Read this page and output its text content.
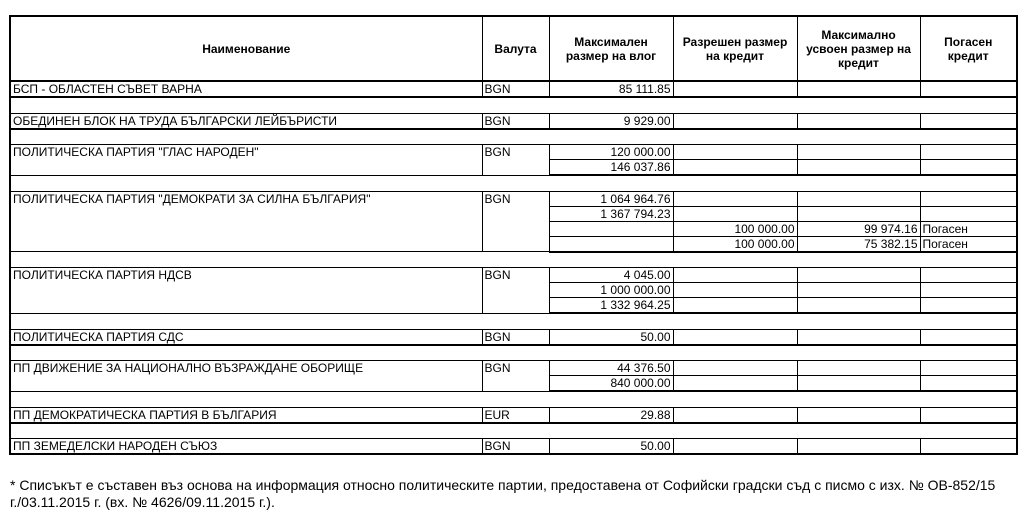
Наименование	Валута	Максимален размер на влог	Разрешен размер на кредит	Максимално усвоен размер на кредит	Погасен кредит
БСП - ОБЛАСТЕН СЪВЕТ ВАРНА	BGN	85 111.85			

ОБЕДИНЕН БЛОК НА ТРУДА БЪЛГАРСКИ ЛЕЙБЪРИСТИ	BGN	9 929.00			

ПОЛИТИЧЕСКА ПАРТИЯ "ГЛАС НАРОДЕН"	BGN	120 000.00			
		146 037.86			

ПОЛИТИЧЕСКА ПАРТИЯ "ДЕМОКРАТИ ЗА СИЛНА БЪЛГАРИЯ"	BGN	1 064 964.76			
		1 367 794.23			
			100 000.00	99 974.16	Погасен
			100 000.00	75 382.15	Погасен

ПОЛИТИЧЕСКА ПАРТИЯ НДСВ	BGN	4 045.00			
		1 000 000.00			
		1 332 964.25			

ПОЛИТИЧЕСКА ПАРТИЯ СДС	BGN	50.00			

ПП ДВИЖЕНИЕ ЗА НАЦИОНАЛНО ВЪЗРАЖДАНЕ ОБОРИЩЕ	BGN	44 376.50			
		840 000.00			

ПП ДЕМОКРАТИЧЕСКА ПАРТИЯ В БЪЛГАРИЯ	EUR	29.88			

ПП ЗЕМЕДЕЛСКИ НАРОДЕН СЪЮЗ	BGN	50.00			
* Списъкът е съставен въз основа на информация относно политическите партии, предоставена от Софийски градски съд с писмо с изх. № ОВ-852/15 г./03.11.2015 г. (вх. № 4626/09.11.2015 г.).
